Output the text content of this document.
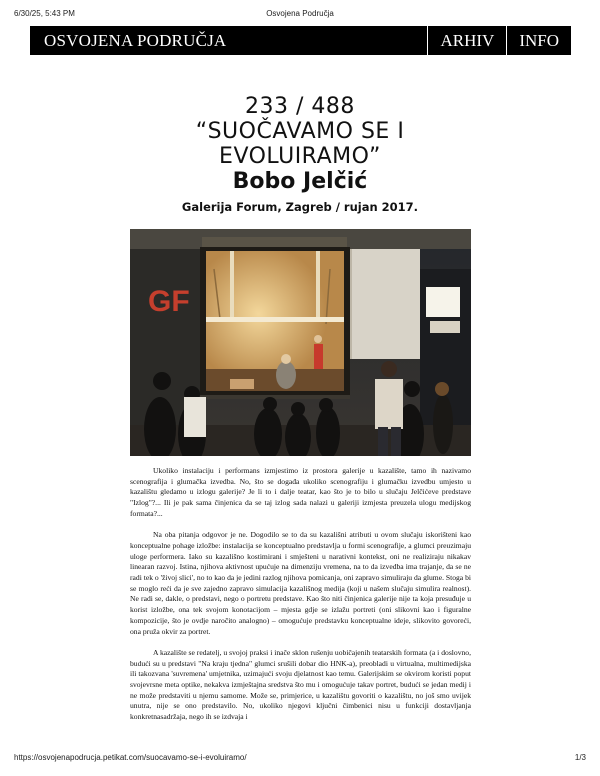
6/30/25, 5:43 PM	Osvojena Područja
OSVOJENA PODRUČJA	ARHIV	INFO
233 / 488
“SUOČAVAMO SE I
EVOLUIRAMO”
Bobo Jelčić
Galerija Forum, Zagreb / rujan 2017.
GF

Ukoliko instalaciju i performans izmjestimo iz prostora galerije u kazalište, tamo ih nazivamo scenografija i glumačka izvedba. No, što se događa ukoliko scenografiju i glumačku izvedbu umjesto u kazalištu gledamo u izlogu galerije? Je li to i dalje teatar, kao što je to bilo u slučaju Jelčićeve predstave "Izlog"?... Ili je pak sama činjenica da se taj izlog sada nalazi u galeriji izmjesta preuzela ulogu medijskog formata?...

Na oba pitanja odgovor je ne. Dogodilo se to da su kazališni atributi u ovom slučaju iskorišteni kao konceptualne pohage izložbe: instalacija se konceptualno predstavlja u formi scenografije, a glumci preuzimaju uloge performera. Iako su kazališno kostimirani i smješteni u narativni kontekst, oni ne realiziraju nikakav linearan razvoj. Istina, njihova aktivnost upućuje na dimenziju vremena, na to da izvedba ima trajanje, da se ne radi tek o 'živoj slici', no to kao da je jedini razlog njihova pomicanja, oni zapravo simuliraju da glume. Stoga bi se moglo reći da je sve zajedno zapravo simulacija kazališnog medija (koji u našem slučaju simulira realnost). Ne radi se, dakle, o predstavi, nego o portretu predstave. Kao što niti činjenica galerije nije ta koja presuđuje u korist izložbe, ona tek svojom konotacijom – mjesta gdje se izlažu portreti (oni slikovni kao i figuralne kompozicije, što je ovdje naročito analogno) – omogućuje predstavku konceptualne ideje, slikovito govoreći, ona pruža okvir za portret.

A kazalište se redatelj, u svojoj praksi i inače sklon rušenju uobičajenih teatarskih formata (a i doslovno, budući su u predstavi "Na kraju tjedna" glumci srušili dobar dio HNK-a), preobladi u virtualna, multimedijska ili takozvana 'suvremena' umjetnika, uzimajući svoju djelatnost kao temu. Galerijskim se okvirom koristi poput svojevrsne meta optike, nekakva izmještajna sredstva što mu i omogućuje takav portret, budući se jedan medij i ne može predstaviti u njemu samome. Može se, primjerice, u kazalištu govoriti o kazalištu, no još smo uvijek unutra, nije se ono predstavilo. No, ukoliko njegovi ključni čimbenici nisu u funkciji dostavljanja konkretnasadržaja, nego ih se izdvaja i

https://osvojenapodrucja.petikat.com/suocavamo-se-i-evoluiramo/	1/3
